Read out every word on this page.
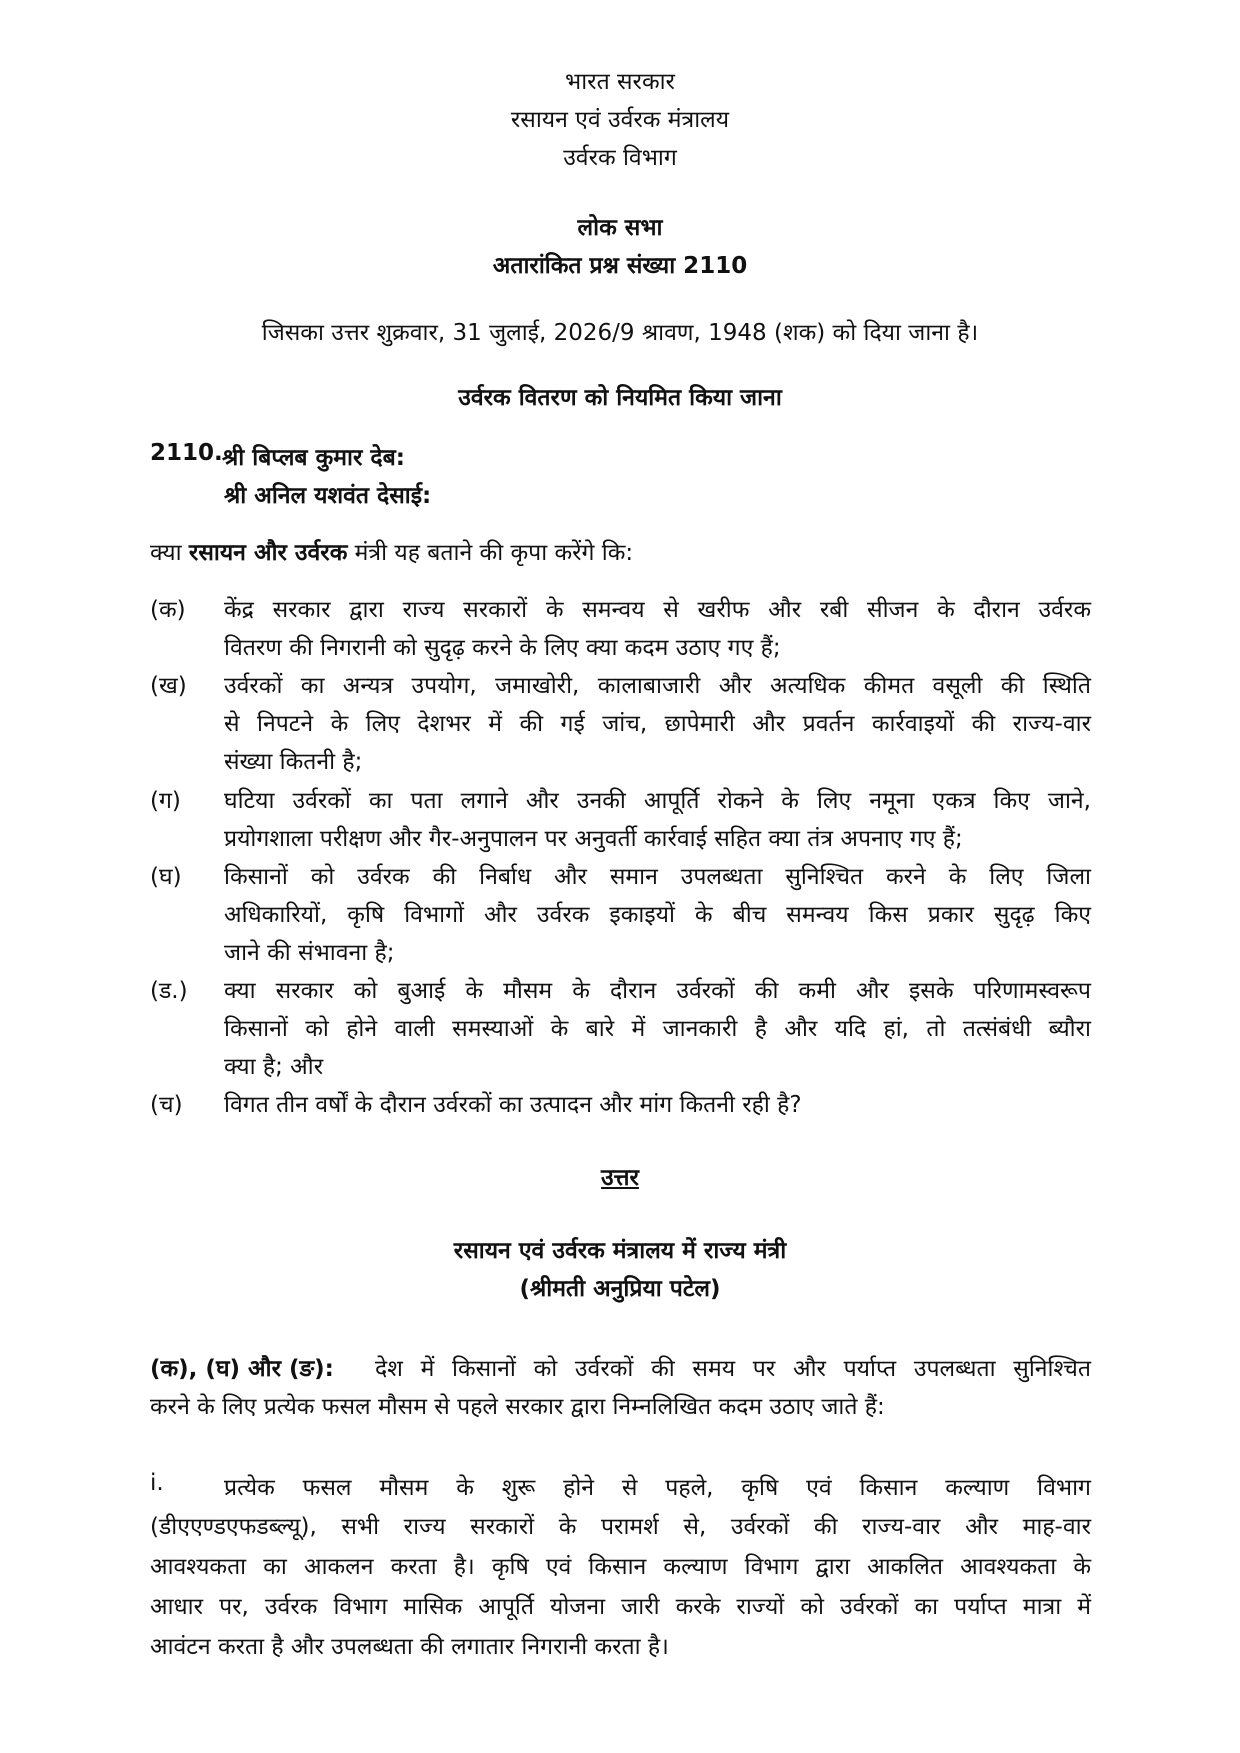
भारत सरकार
रसायन एवं उर्वरक मंत्रालय
उर्वरक विभाग
लोक सभा
अतारांकित प्रश्न संख्या 2110
जिसका उत्तर शुक्रवार, 31 जुलाई, 2026/9 श्रावण, 1948 (शक) को दिया जाना है।
उर्वरक वितरण को नियमित किया जाना
2110. श्री बिप्लब कुमार देब:
श्री अनिल यशवंत देसाई:
क्या रसायन और उर्वरक मंत्री यह बताने की कृपा करेंगे कि:
(क) केंद्र सरकार द्वारा राज्य सरकारों के समन्वय से खरीफ और रबी सीजन के दौरान उर्वरक
वितरण की निगरानी को सुदृढ़ करने के लिए क्या कदम उठाए गए हैं;
(ख) उर्वरकों का अन्यत्र उपयोग, जमाखोरी, कालाबाजारी और अत्यधिक कीमत वसूली की स्थिति
से निपटने के लिए देशभर में की गई जांच, छापेमारी और प्रवर्तन कार्रवाइयों की राज्य-वार
संख्या कितनी है;
(ग) घटिया उर्वरकों का पता लगाने और उनकी आपूर्ति रोकने के लिए नमूना एकत्र किए जाने,
प्रयोगशाला परीक्षण और गैर-अनुपालन पर अनुवर्ती कार्रवाई सहित क्या तंत्र अपनाए गए हैं;
(घ) किसानों को उर्वरक की निर्बाध और समान उपलब्धता सुनिश्चित करने के लिए जिला
अधिकारियों, कृषि विभागों और उर्वरक इकाइयों के बीच समन्वय किस प्रकार सुदृढ़ किए
जाने की संभावना है;
(ड.) क्या सरकार को बुआई के मौसम के दौरान उर्वरकों की कमी और इसके परिणामस्वरूप
किसानों को होने वाली समस्याओं के बारे में जानकारी है और यदि हां, तो तत्संबंधी ब्यौरा
क्या है; और
(च) विगत तीन वर्षों के दौरान उर्वरकों का उत्पादन और मांग कितनी रही है?
उत्तर
रसायन एवं उर्वरक मंत्रालय में राज्य मंत्री
(श्रीमती अनुप्रिया पटेल)
(क), (घ) और (ङ): देश में किसानों को उर्वरकों की समय पर और पर्याप्त उपलब्धता सुनिश्चित
करने के लिए प्रत्येक फसल मौसम से पहले सरकार द्वारा निम्नलिखित कदम उठाए जाते हैं:
i.	प्रत्येक फसल मौसम के शुरू होने से पहले, कृषि एवं किसान कल्याण विभाग
(डीएएण्डएफडब्ल्यू), सभी राज्य सरकारों के परामर्श से, उर्वरकों की राज्य-वार और माह-वार
आवश्यकता का आकलन करता है। कृषि एवं किसान कल्याण विभाग द्वारा आकलित आवश्यकता के
आधार पर, उर्वरक विभाग मासिक आपूर्ति योजना जारी करके राज्यों को उर्वरकों का पर्याप्त मात्रा में
आवंटन करता है और उपलब्धता की लगातार निगरानी करता है।
